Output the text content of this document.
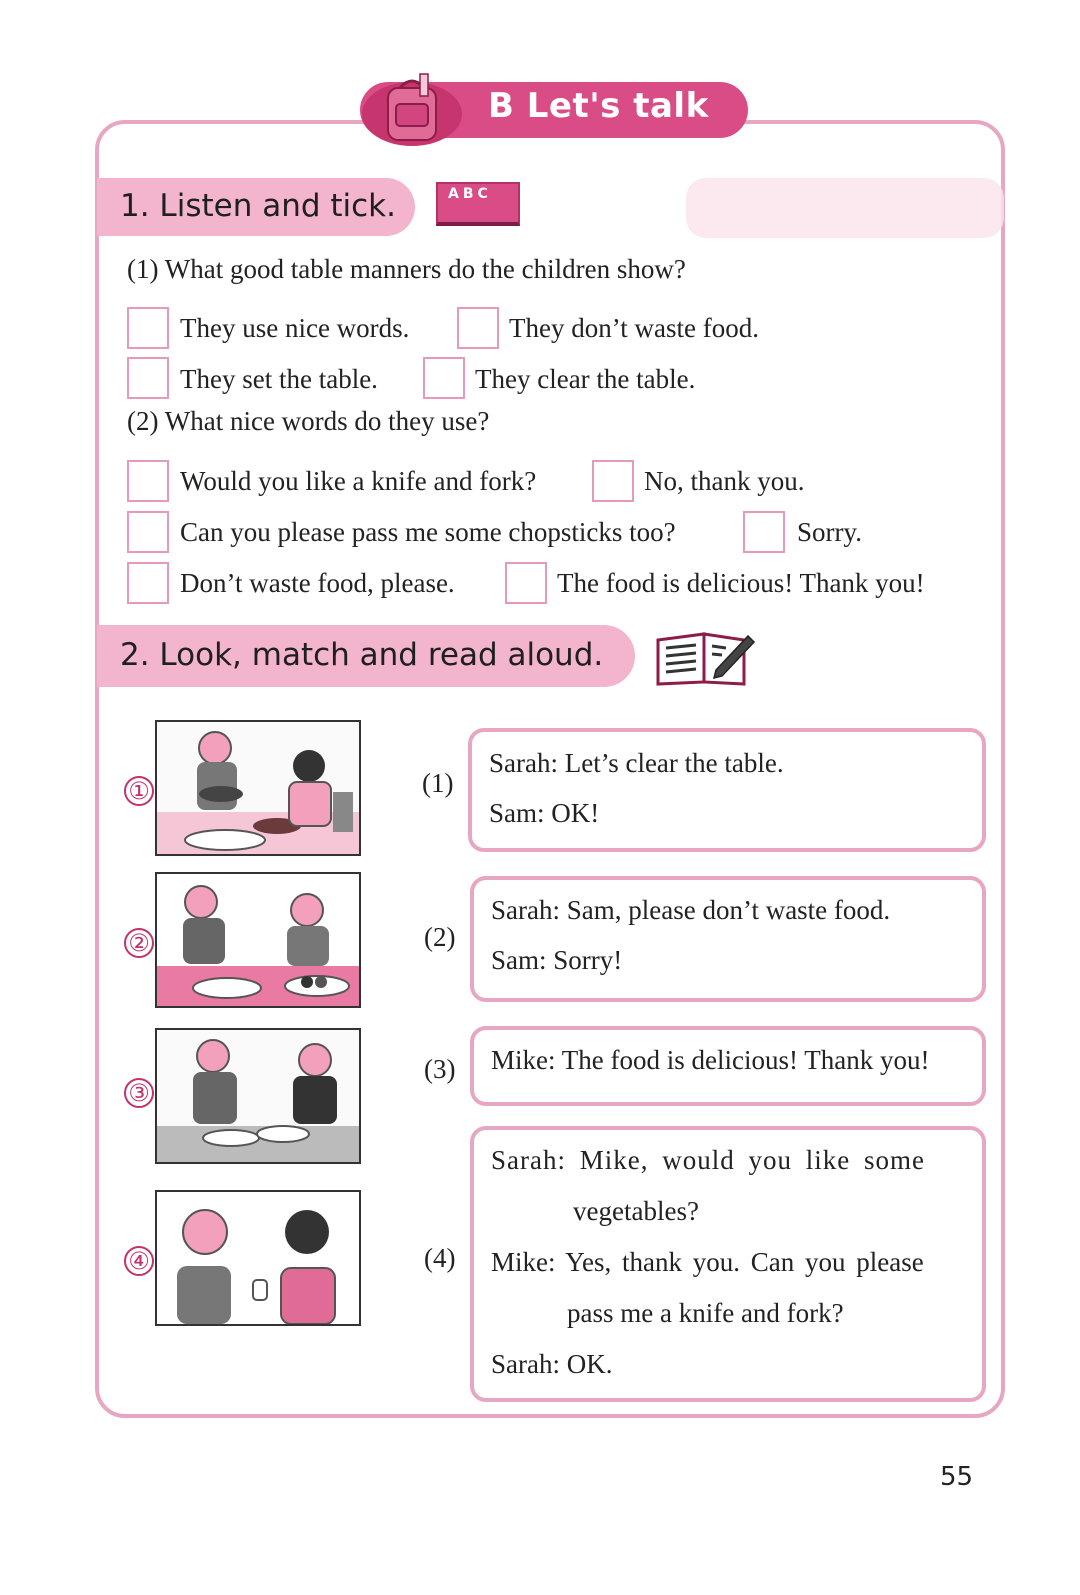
B Let's talk
1. Listen and tick.	ABC
(1) What good table manners do the children show?
They use nice words.	They don’t waste food.
They set the table.	They clear the table.
(2) What nice words do they use?
Would you like a knife and fork?	No, thank you.
Can you please pass me some chopsticks too?	Sorry.
Don’t waste food, please.	The food is delicious! Thank you!
2. Look, match and read aloud.
①
②
③
④
(1)
(2)
(3)
(4)
Sarah: Let’s clear the table.
Sam: OK!
Sarah: Sam, please don’t waste food.
Sam: Sorry!
Mike: The food is delicious! Thank you!
Sarah: Mike, would you like some
vegetables?
Mike: Yes, thank you. Can you please
pass me a knife and fork?
Sarah: OK.
55
